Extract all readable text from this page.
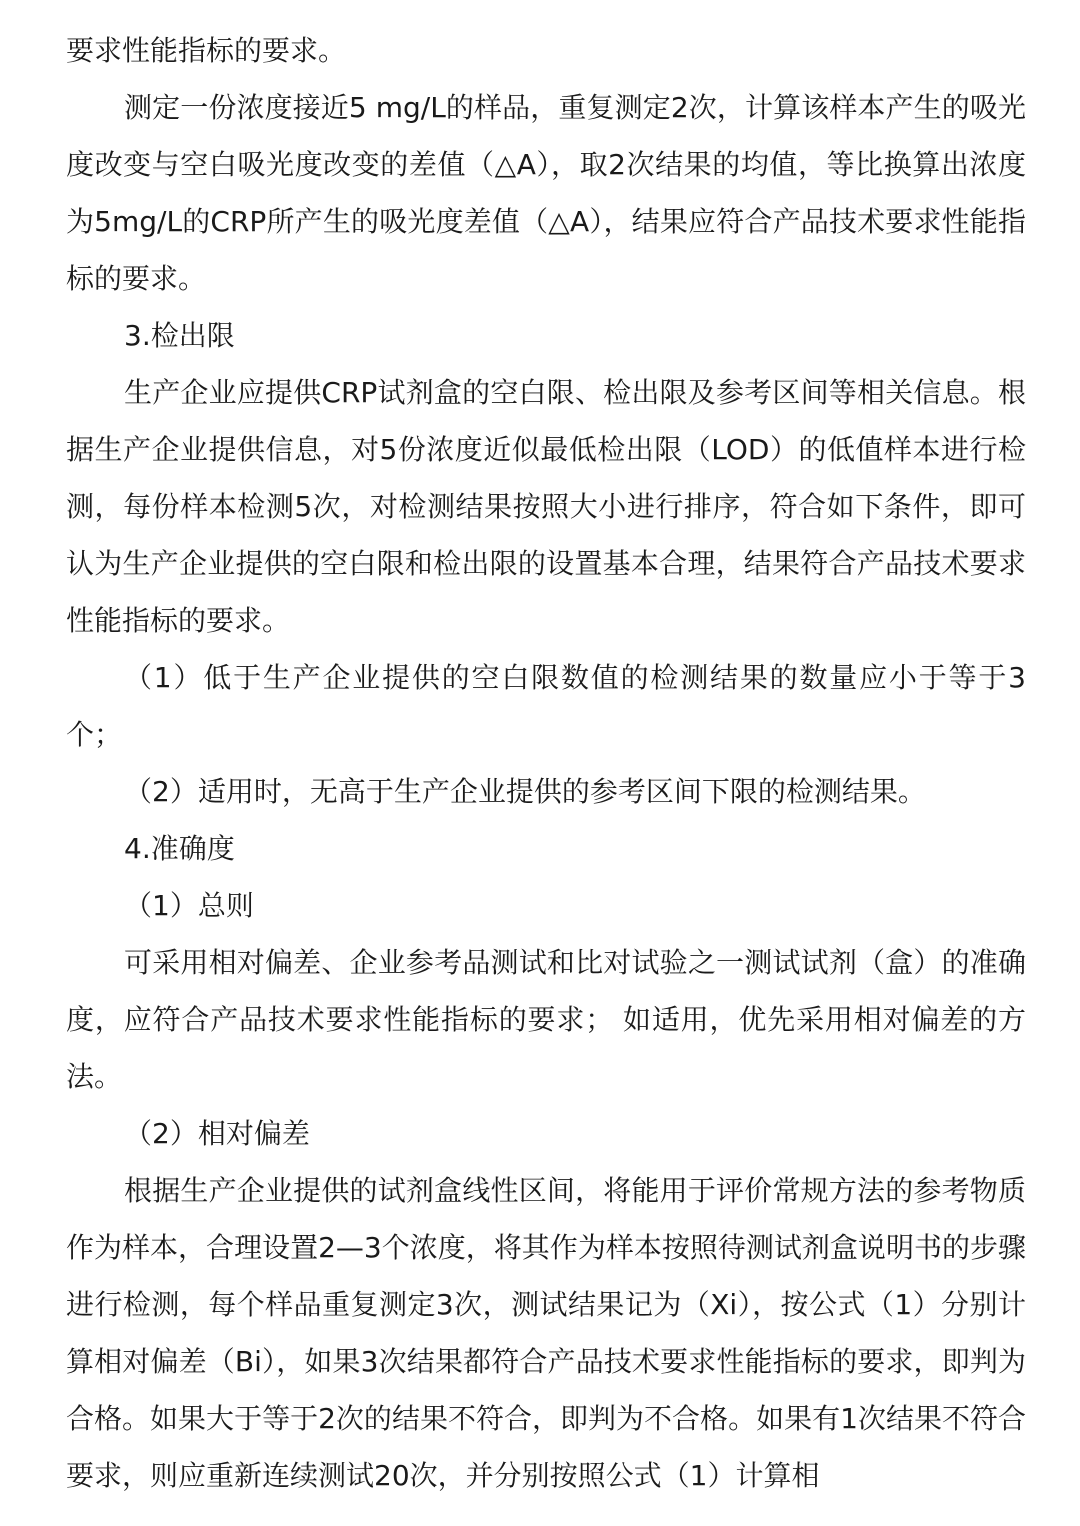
要求性能指标的要求。

测定一份浓度接近5 mg/L的样品，重复测定2次，计算该样本产生的吸光度改变与空白吸光度改变的差值（△A），取2次结果的均值，等比换算出浓度为5mg/L的CRP所产生的吸光度差值（△A），结果应符合产品技术要求性能指标的要求。

3.检出限

生产企业应提供CRP试剂盒的空白限、检出限及参考区间等相关信息。根据生产企业提供信息，对5份浓度近似最低检出限（LOD）的低值样本进行检测，每份样本检测5次，对检测结果按照大小进行排序，符合如下条件，即可认为生产企业提供的空白限和检出限的设置基本合理，结果符合产品技术要求性能指标的要求。

（1）低于生产企业提供的空白限数值的检测结果的数量应小于等于3个；

（2）适用时，无高于生产企业提供的参考区间下限的检测结果。

4.准确度

（1）总则

可采用相对偏差、企业参考品测试和比对试验之一测试试剂（盒）的准确度，应符合产品技术要求性能指标的要求； 如适用，优先采用相对偏差的方法。

（2）相对偏差

根据生产企业提供的试剂盒线性区间，将能用于评价常规方法的参考物质作为样本，合理设置2—3个浓度，将其作为样本按照待测试剂盒说明书的步骤进行检测，每个样品重复测定3次，测试结果记为（Xi），按公式（1）分别计算相对偏差（Bi），如果3次结果都符合产品技术要求性能指标的要求，即判为合格。如果大于等于2次的结果不符合，即判为不合格。如果有1次结果不符合要求，则应重新连续测试20次，并分别按照公式（1）计算相
